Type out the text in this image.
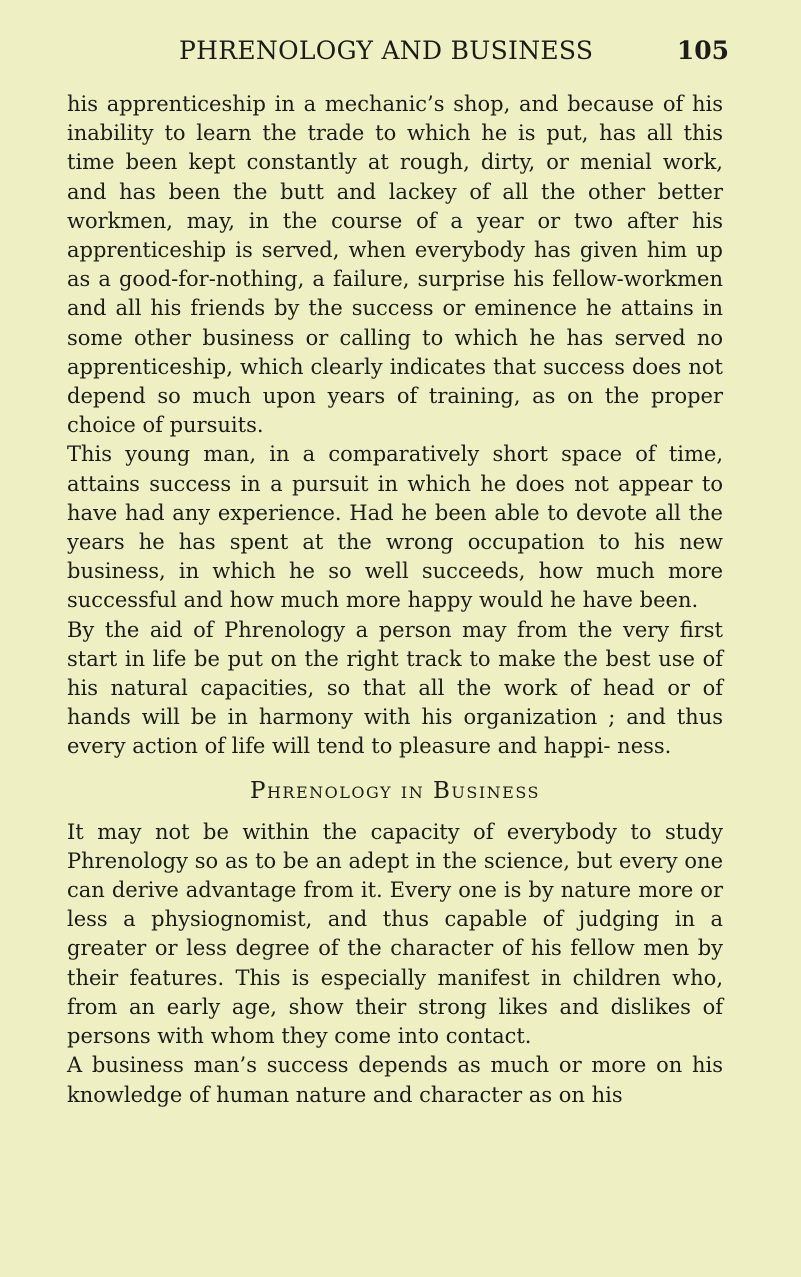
PHRENOLOGY AND BUSINESS	105

his apprenticeship in a mechanic’s shop, and because of his inability to learn the trade to which he is put, has all this time been kept constantly at rough, dirty, or menial work, and has been the butt and lackey of all the other better workmen, may, in the course of a year or two after his apprenticeship is served, when everybody has given him up as a good-for-nothing, a failure, surprise his fellow-workmen and all his friends by the success or eminence he attains in some other business or calling to which he has served no apprenticeship, which clearly indicates that success does not depend so much upon years of training, as on the proper choice of pursuits.

This young man, in a comparatively short space of time, attains success in a pursuit in which he does not appear to have had any experience. Had he been able to devote all the years he has spent at the wrong occupation to his new business, in which he so well succeeds, how much more successful and how much more happy would he have been.

By the aid of Phrenology a person may from the very first start in life be put on the right track to make the best use of his natural capacities, so that all the work of head or of hands will be in harmony with his organization ; and thus every action of life will tend to pleasure and happi- ness.

Phrenology in Business

It may not be within the capacity of everybody to study Phrenology so as to be an adept in the science, but every one can derive advantage from it. Every one is by nature more or less a physiognomist, and thus capable of judging in a greater or less degree of the character of his fellow men by their features. This is especially manifest in children who, from an early age, show their strong likes and dislikes of persons with whom they come into contact.

A business man’s success depends as much or more on his knowledge of human nature and character as on his
